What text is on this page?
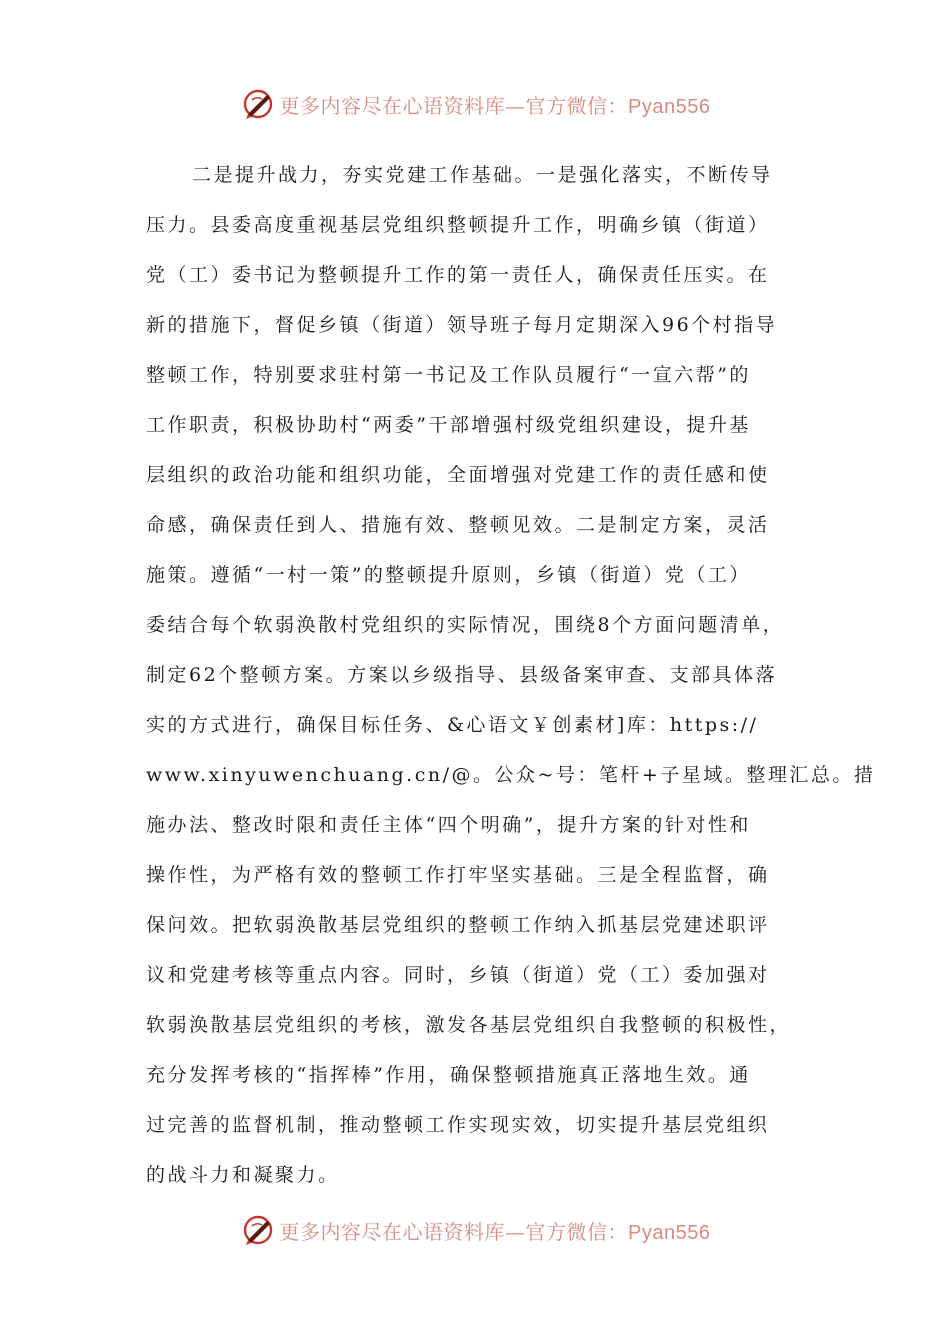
更多内容尽在心语资料库—官方微信：Pyan556
二是提升战力，夯实党建工作基础。一是强化落实，不断传导
压力。县委高度重视基层党组织整顿提升工作，明确乡镇（街道）
党（工）委书记为整顿提升工作的第一责任人，确保责任压实。在
新的措施下，督促乡镇（街道）领导班子每月定期深入96个村指导
整顿工作，特别要求驻村第一书记及工作队员履行“一宣六帮”的
工作职责，积极协助村“两委”干部增强村级党组织建设，提升基
层组织的政治功能和组织功能，全面增强对党建工作的责任感和使
命感，确保责任到人、措施有效、整顿见效。二是制定方案，灵活
施策。遵循“一村一策”的整顿提升原则，乡镇（街道）党（工）
委结合每个软弱涣散村党组织的实际情况，围绕8个方面问题清单，
制定62个整顿方案。方案以乡级指导、县级备案审查、支部具体落
实的方式进行，确保目标任务、&心语文￥创素材]库：https://
www.xinyuwenchuang.cn/@。公众~号：笔杆+子星域。整理汇总。措
施办法、整改时限和责任主体“四个明确”，提升方案的针对性和
操作性，为严格有效的整顿工作打牢坚实基础。三是全程监督，确
保问效。把软弱涣散基层党组织的整顿工作纳入抓基层党建述职评
议和党建考核等重点内容。同时，乡镇（街道）党（工）委加强对
软弱涣散基层党组织的考核，激发各基层党组织自我整顿的积极性，
充分发挥考核的“指挥棒”作用，确保整顿措施真正落地生效。通
过完善的监督机制，推动整顿工作实现实效，切实提升基层党组织
的战斗力和凝聚力。
更多内容尽在心语资料库—官方微信：Pyan556
